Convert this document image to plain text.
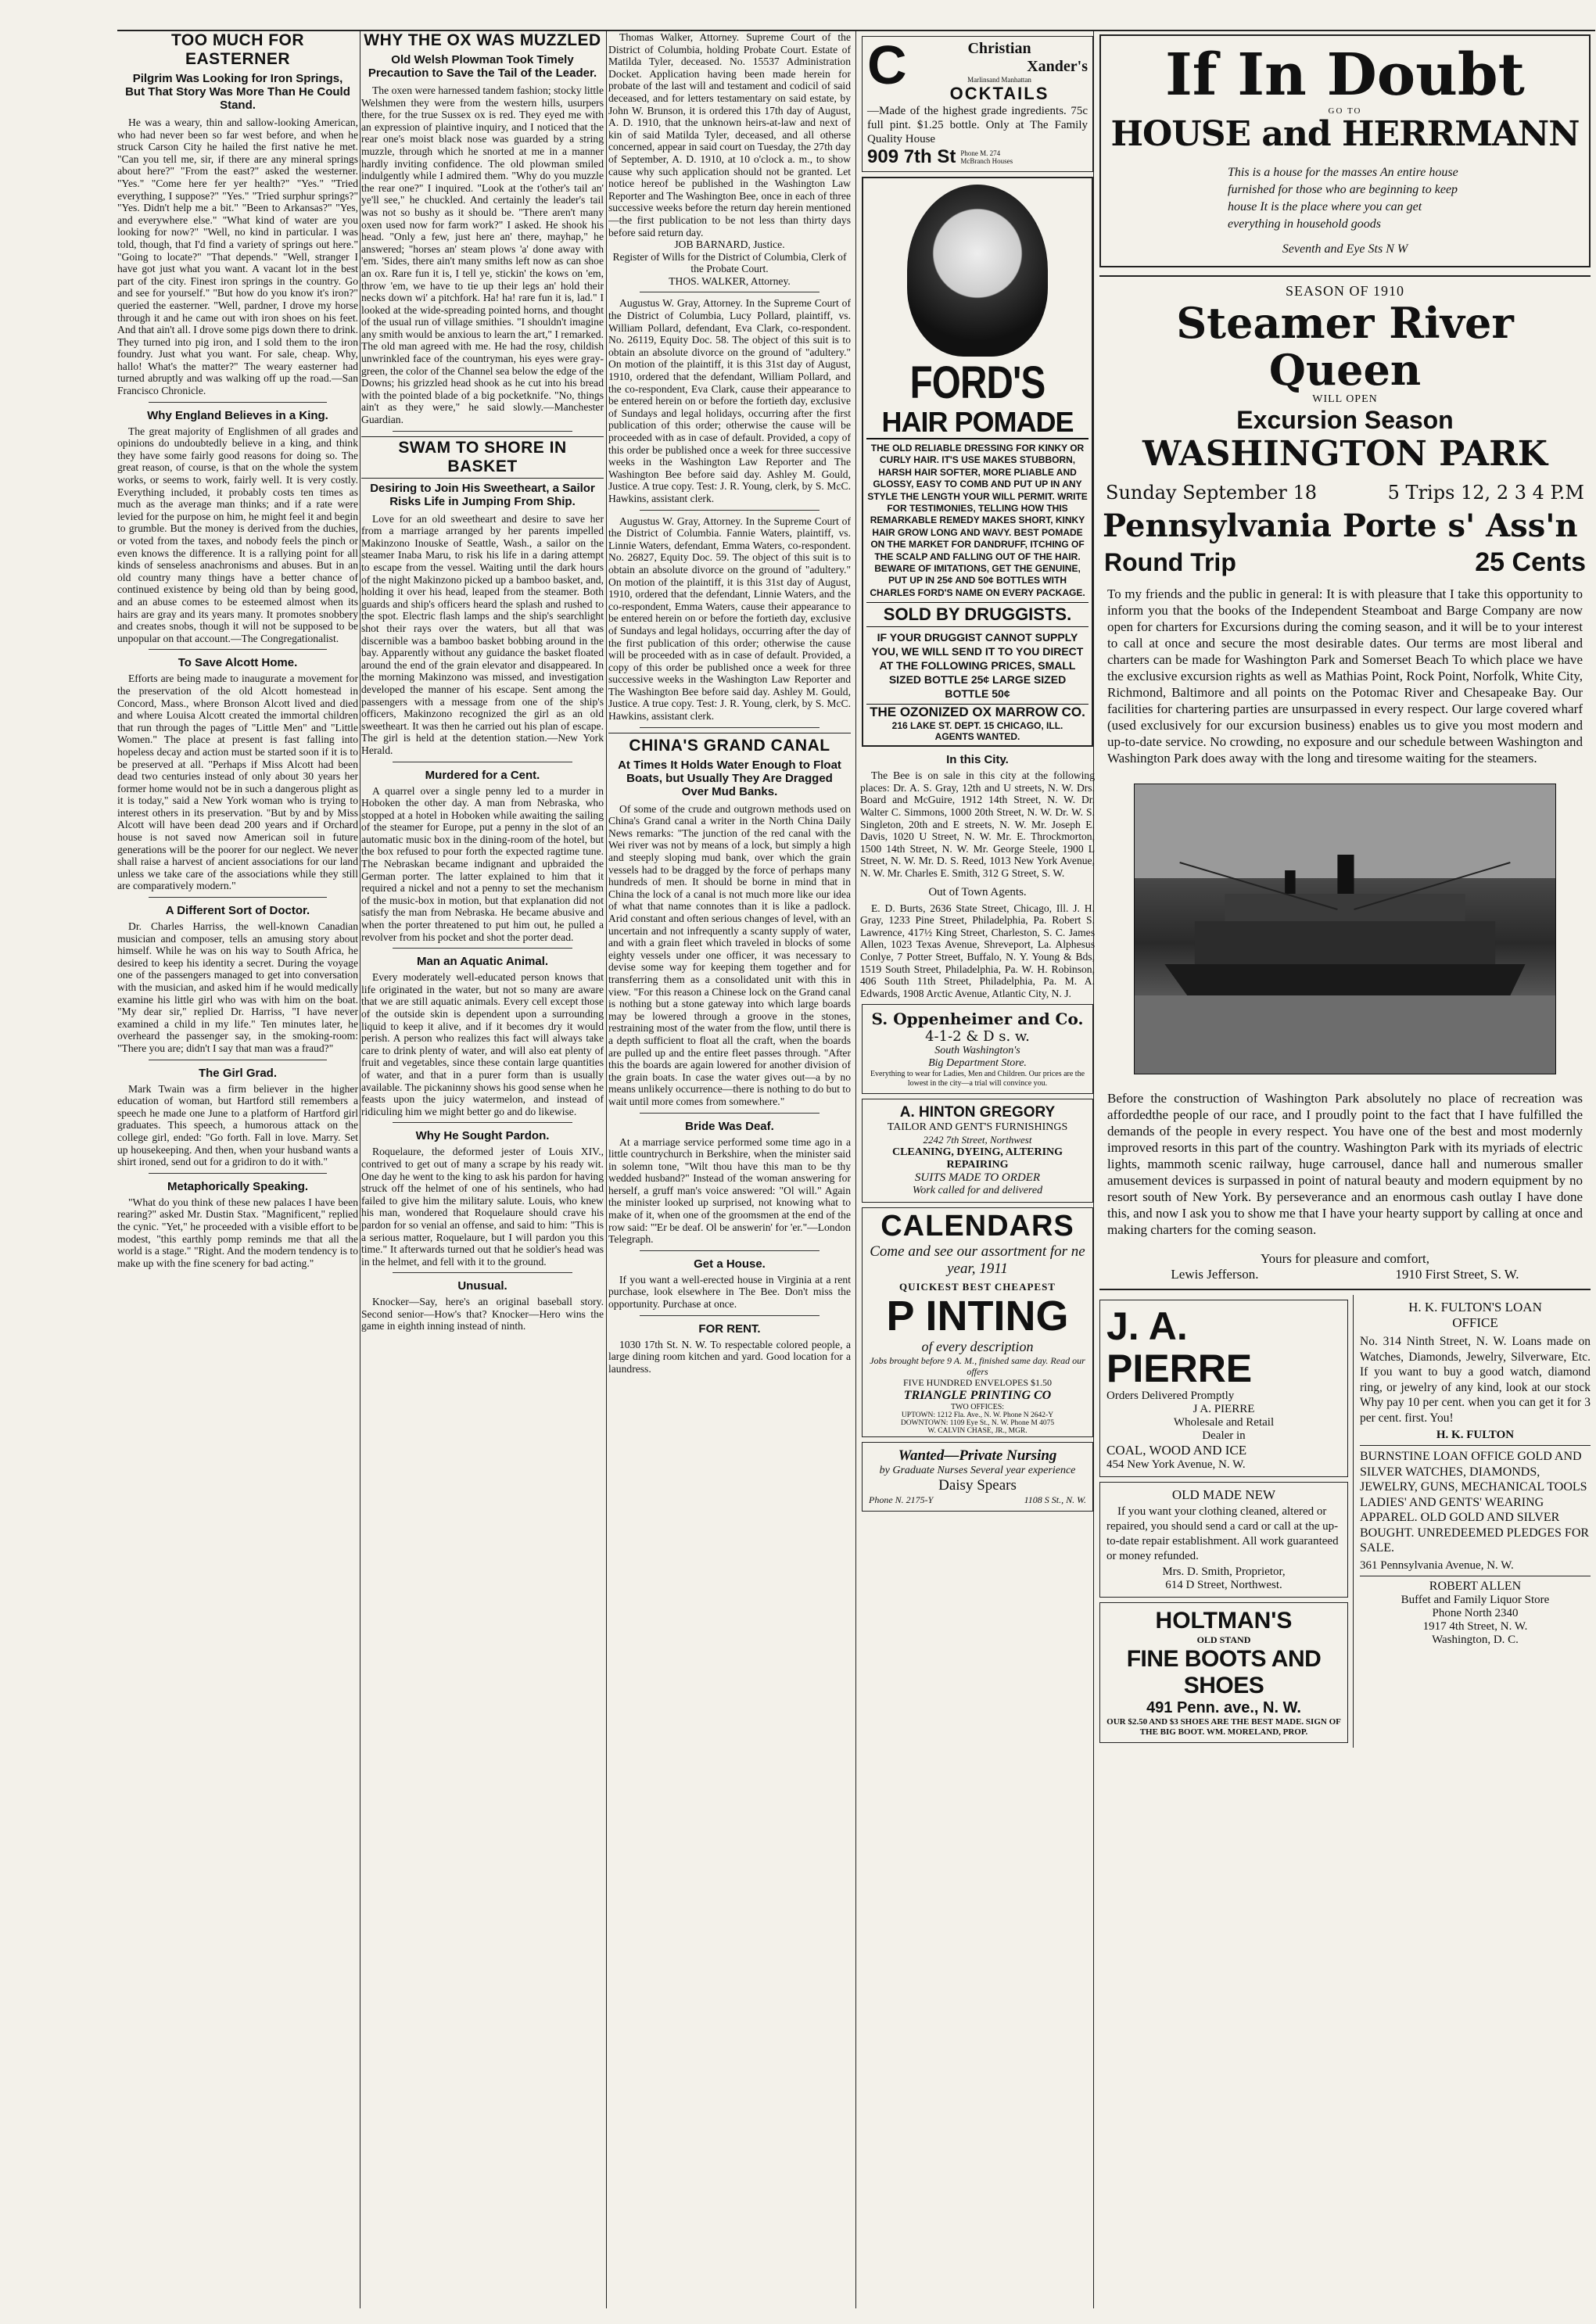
TOO MUCH FOR EASTERNER
Pilgrim Was Looking for Iron Springs, But That Story Was More Than He Could Stand.

He was a weary, thin and sallow-looking American, who had never been so far west before, and when he struck Carson City he hailed the first native he met. "Can you tell me, sir, if there are any mineral springs about here?" "From the east?" asked the westerner. "Yes." "Come here fer yer health?" "Yes." "Tried everything, I suppose?" "Yes." "Tried surphur springs?" "Yes. Didn't help me a bit." "Been to Arkansas?" "Yes, and everywhere else." "What kind of water are you looking for now?" "Well, no kind in particular. I was told, though, that I'd find a variety of springs out here." "Going to locate?" "That depends." "Well, stranger I have got just what you want. A vacant lot in the best part of the city. Finest iron springs in the country. Go and see for yourself." "But how do you know it's iron?" queried the easterner. "Well, pardner, I drove my horse through it and he came out with iron shoes on his feet. And that ain't all. I drove some pigs down there to drink. They turned into pig iron, and I sold them to the iron foundry. Just what you want. For sale, cheap. Why, hallo! What's the matter?" The weary easterner had turned abruptly and was walking off up the road.—San Francisco Chronicle.

Why England Believes in a King.

The great majority of Englishmen of all grades and opinions do undoubtedly believe in a king, and think they have some fairly good reasons for doing so. The great reason, of course, is that on the whole the system works, or seems to work, fairly well. It is very costly. Everything included, it probably costs ten times as much as the average man thinks; and if a rate were levied for the purpose on him, he might feel it and begin to grumble. But the money is derived from the duchies, or voted from the taxes, and nobody feels the pinch or even knows the difference. It is a rallying point for all kinds of senseless anachronisms and abuses. But in an old country many things have a better chance of continued existence by being old than by being good, and an abuse comes to be esteemed almost when its hairs are gray and its years many. It promotes snobbery and creates snobs, though it will not be supposed to be unpopular on that account.—The Congregationalist.

To Save Alcott Home.

Efforts are being made to inaugurate a movement for the preservation of the old Alcott homestead in Concord, Mass., where Bronson Alcott lived and died and where Louisa Alcott created the immortal children that run through the pages of "Little Men" and "Little Women." The place at present is fast falling into hopeless decay and action must be started soon if it is to be preserved at all. "Perhaps if Miss Alcott had been dead two centuries instead of only about 30 years her former home would not be in such a dangerous plight as it is today," said a New York woman who is trying to interest others in its preservation. "But by and by Miss Alcott will have been dead 200 years and if Orchard house is not saved now American soil in future generations will be the poorer for our neglect. We never shall raise a harvest of ancient associations for our land unless we take care of the associations while they still are comparatively modern."

A Different Sort of Doctor.

Dr. Charles Harriss, the well-known Canadian musician and composer, tells an amusing story about himself. While he was on his way to South Africa, he desired to keep his identity a secret. During the voyage one of the passengers managed to get into conversation with the musician, and asked him if he would medically examine his little girl who was with him on the boat. "My dear sir," replied Dr. Harriss, "I have never examined a child in my life." Ten minutes later, he overheard the passenger say, in the smoking-room: "There you are; didn't I say that man was a fraud?"

The Girl Grad.

Mark Twain was a firm believer in the higher education of woman, but Hartford still remembers a speech he made one June to a platform of Hartford girl graduates. This speech, a humorous attack on the college girl, ended: "Go forth. Fall in love. Marry. Set up housekeeping. And then, when your husband wants a shirt ironed, send out for a gridiron to do it with."

Metaphorically Speaking.

"What do you think of these new palaces I have been rearing?" asked Mr. Dustin Stax. "Magnificent," replied the cynic. "Yet," he proceeded with a visible effort to be modest, "this earthly pomp reminds me that all the world is a stage." "Right. And the modern tendency is to make up with the fine scenery for bad acting."

WHY THE OX WAS MUZZLED
Old Welsh Plowman Took Timely Precaution to Save the Tail of the Leader.

The oxen were harnessed tandem fashion; stocky little Welshmen they were from the western hills, usurpers there, for the true Sussex ox is red. They eyed me with an expression of plaintive inquiry, and I noticed that the rear one's moist black nose was guarded by a string muzzle, through which he snorted at me in a manner hardly inviting confidence. The old plowman smiled indulgently while I admired them. "Why do you muzzle the rear one?" I inquired. "Look at the t'other's tail an' ye'll see," he chuckled. And certainly the leader's tail was not so bushy as it should be. "There aren't many oxen used now for farm work?" I asked. He shook his head. "Only a few, just here an' there, mayhap," he answered; "horses an' steam plows 'a' done away with 'em. 'Sides, there ain't many smiths left now as can shoe an ox. Rare fun it is, I tell ye, stickin' the kows on 'em, throw 'em, we have to tie up their legs an' hold their necks down wi' a pitchfork. Ha! ha! rare fun it is, lad." I looked at the wide-spreading pointed horns, and thought of the usual run of village smithies. "I shouldn't imagine any smith would be anxious to learn the art," I remarked. The old man agreed with me. He had the rosy, childish unwrinkled face of the countryman, his eyes were gray-green, the color of the Channel sea below the edge of the Downs; his grizzled head shook as he cut into his bread with the pointed blade of a big pocketknife. "No, things ain't as they were," he said slowly.—Manchester Guardian.

SWAM TO SHORE IN BASKET
Desiring to Join His Sweetheart, a Sailor Risks Life in Jumping From Ship.

Love for an old sweetheart and desire to save her from a marriage arranged by her parents impelled Makinzono Inouske of Seattle, Wash., a sailor on the steamer Inaba Maru, to risk his life in a daring attempt to escape from the vessel. Waiting until the dark hours of the night Makinzono picked up a bamboo basket, and, holding it over his head, leaped from the steamer. Both guards and ship's officers heard the splash and rushed to the spot. Electric flash lamps and the ship's searchlight shot their rays over the waters, but all that was discernible was a bamboo basket bobbing around in the bay. Apparently without any guidance the basket floated around the end of the grain elevator and disappeared. In the morning Makinzono was missed, and investigation developed the manner of his escape. Sent among the passengers with a message from one of the ship's officers, Makinzono recognized the girl as an old sweetheart. It was then he carried out his plan of escape. The girl is held at the detention station.—New York Herald.

Murdered for a Cent.

A quarrel over a single penny led to a murder in Hoboken the other day. A man from Nebraska, who stopped at a hotel in Hoboken while awaiting the sailing of the steamer for Europe, put a penny in the slot of an automatic music box in the dining-room of the hotel, but the box refused to pour forth the expected ragtime tune. The Nebraskan became indignant and upbraided the German porter. The latter explained to him that it required a nickel and not a penny to set the mechanism of the music-box in motion, but that explanation did not satisfy the man from Nebraska. He became abusive and when the porter threatened to put him out, he pulled a revolver from his pocket and shot the porter dead.

Man an Aquatic Animal.

Every moderately well-educated person knows that life originated in the water, but not so many are aware that we are still aquatic animals. Every cell except those of the outside skin is dependent upon a surrounding liquid to keep it alive, and if it becomes dry it would perish. A person who realizes this fact will always take care to drink plenty of water, and will also eat plenty of fruit and vegetables, since these contain large quantities of water, and that in a purer form than is usually available. The pickaninny shows his good sense when he feasts upon the juicy watermelon, and instead of ridiculing him we might better go and do likewise.

Why He Sought Pardon.

Roquelaure, the deformed jester of Louis XIV., contrived to get out of many a scrape by his ready wit. One day he went to the king to ask his pardon for having struck off the helmet of one of his sentinels, who had failed to give him the military salute. Louis, who knew his man, wondered that Roquelaure should crave his pardon for so venial an offense, and said to him: "This is a serious matter, Roquelaure, but I will pardon you this time." It afterwards turned out that he soldier's head was in the helmet, and fell with it to the ground.

Unusual.

Knocker—Say, here's an original baseball story. Second senior—How's that? Knocker—Hero wins the game in eighth inning instead of ninth.

Thomas Walker, Attorney. Supreme Court of the District of Columbia, holding Probate Court. Estate of Matilda Tyler, deceased. No. 15537 Administration Docket. Application having been made herein for probate of the last will and testament and codicil of said deceased, and for letters testamentary on said estate, by John W. Brunson, it is ordered this 17th day of August, A. D. 1910, that the unknown heirs-at-law and next of kin of said Matilda Tyler, deceased, and all otherse concerned, appear in said court on Tuesday, the 27th day of September, A. D. 1910, at 10 o'clock a. m., to show cause why such application should not be granted. Let notice hereof be published in the Washington Law Reporter and The Washington Bee, once in each of three successive weeks before the return day herein mentioned—the first publication to be not less than thirty days before said return day.

JOB BARNARD, Justice.

Register of Wills for the District of Columbia, Clerk of the Probate Court.

THOS. WALKER, Attorney.

Augustus W. Gray, Attorney. In the Supreme Court of the District of Columbia, Lucy Pollard, plaintiff, vs. William Pollard, defendant, Eva Clark, co-respondent. No. 26119, Equity Doc. 58. The object of this suit is to obtain an absolute divorce on the ground of "adultery." On motion of the plaintiff, it is this 31st day of August, 1910, ordered that the defendant, William Pollard, and the co-respondent, Eva Clark, cause their appearance to be entered herein on or before the fortieth day, exclusive of Sundays and legal holidays, occurring after the first publication of this order; otherwise the cause will be proceeded with as in case of default. Provided, a copy of this order be published once a week for three successive weeks in the Washington Law Reporter and The Washington Bee before said day. Ashley M. Gould, Justice. A true copy. Test: J. R. Young, clerk, by S. McC. Hawkins, assistant clerk.

Augustus W. Gray, Attorney. In the Supreme Court of the District of Columbia. Fannie Waters, plaintiff, vs. Linnie Waters, defendant, Emma Waters, co-respondent. No. 26827, Equity Doc. 59. The object of this suit is to obtain an absolute divorce on the ground of "adultery." On motion of the plaintiff, it is this 31st day of August, 1910, ordered that the defendant, Linnie Waters, and the co-respondent, Emma Waters, cause their appearance to be entered herein on or before the fortieth day, exclusive of Sundays and legal holidays, occurring after the day of the first publication of this order; otherwise the cause will be proceeded with as in case of default. Provided, a copy of this order be published once a week for three successive weeks in the Washington Law Reporter and The Washington Bee before said day. Ashley M. Gould, Justice. A true copy. Test: J. R. Young, clerk, by S. McC. Hawkins, assistant clerk.

CHINA'S GRAND CANAL
At Times It Holds Water Enough to Float Boats, but Usually They Are Dragged Over Mud Banks.

Of some of the crude and outgrown methods used on China's Grand canal a writer in the North China Daily News remarks: "The junction of the red canal with the Wei river was not by means of a lock, but simply a high and steeply sloping mud bank, over which the grain vessels had to be dragged by the force of perhaps many hundreds of men. It should be borne in mind that in China the lock of a canal is not much more like our idea of what that name connotes than it is like a padlock. Arid constant and often serious changes of level, with an uncertain and not infrequently a scanty supply of water, and with a grain fleet which traveled in blocks of some eighty vessels under one officer, it was necessary to devise some way for keeping them together and for transferring them as a consolidated unit with this in view. "For this reason a Chinese lock on the Grand canal is nothing but a stone gateway into which large boards may be lowered through a groove in the stones, restraining most of the water from the flow, until there is a depth sufficient to float all the craft, when the boards are pulled up and the entire fleet passes through. "After this the boards are again lowered for another division of the grain boats. In case the water gives out—a by no means unlikely occurrence—there is nothing to do but to wait until more comes from somewhere."

Bride Was Deaf.

At a marriage service performed some time ago in a little countrychurch in Berkshire, when the minister said in solemn tone, "Wilt thou have this man to be thy wedded husband?" Instead of the woman answering for herself, a gruff man's voice answered: "Ol will." Again the minister looked up surprised, not knowing what to make of it, when one of the groomsmen at the end of the row said: "'Er be deaf. Ol be answerin' for 'er."—London Telegraph.

Get a House.

If you want a well-erected house in Virginia at a rent purchase, look elsewhere in The Bee. Don't miss the opportunity. Purchase at once.

FOR RENT.

1030 17th St. N. W. To respectable colored people, a large dining room kitchen and yard. Good location for a laundress.

C	Christian
Xander's
Marlinsand Manhattan
OCKTAILS

—Made of the highest grade ingredients. 75c full pint. $1.25 bottle. Only at The Family Quality House

909 7th St Phone M. 274 McBranch Houses
FORD'S
HAIR POMADE

THE OLD RELIABLE DRESSING FOR KINKY OR CURLY HAIR. IT'S USE MAKES STUBBORN, HARSH HAIR SOFTER, MORE PLIABLE AND GLOSSY, EASY TO COMB AND PUT UP IN ANY STYLE THE LENGTH YOUR WILL PERMIT. WRITE FOR TESTIMONIES, TELLING HOW THIS REMARKABLE REMEDY MAKES SHORT, KINKY HAIR GROW LONG AND WAVY. BEST POMADE ON THE MARKET FOR DANDRUFF, ITCHING OF THE SCALP AND FALLING OUT OF THE HAIR. BEWARE OF IMITATIONS, GET THE GENUINE, PUT UP IN 25¢ AND 50¢ BOTTLES WITH CHARLES FORD'S NAME ON EVERY PACKAGE.

SOLD BY DRUGGISTS.

IF YOUR DRUGGIST CANNOT SUPPLY YOU, WE WILL SEND IT TO YOU DIRECT AT THE FOLLOWING PRICES, SMALL SIZED BOTTLE 25¢ LARGE SIZED BOTTLE 50¢

THE OZONIZED OX MARROW CO.
216 LAKE ST. DEPT. 15 CHICAGO, ILL.
AGENTS WANTED.
In this City.

The Bee is on sale in this city at the following places: Dr. A. S. Gray, 12th and U streets, N. W. Drs. Board and McGuire, 1912 14th Street, N. W. Dr. Walter C. Simmons, 1000 20th Street, N. W. Dr. W. S. Singleton, 20th and E streets, N. W. Mr. Joseph E. Davis, 1020 U Street, N. W. Mr. E. Throckmorton, 1500 14th Street, N. W. Mr. George Steele, 1900 L Street, N. W. Mr. D. S. Reed, 1013 New York Avenue, N. W. Mr. Charles E. Smith, 312 G Street, S. W.

Out of Town Agents.

E. D. Burts, 2636 State Street, Chicago, Ill. J. H. Gray, 1233 Pine Street, Philadelphia, Pa. Robert S. Lawrence, 417½ King Street, Charleston, S. C. James Allen, 1023 Texas Avenue, Shreveport, La. Alphesus Conlye, 7 Potter Street, Buffalo, N. Y. Young & Bds, 1519 South Street, Philadelphia, Pa. W. H. Robinson, 406 South 11th Street, Philadelphia, Pa. M. A. Edwards, 1908 Arctic Avenue, Atlantic City, N. J.

S. Oppenheimer and Co.
4-1-2 & D s. w.
South Washington's
Big Department Store.
Everything to wear for Ladies, Men and Children. Our prices are the lowest in the city—a trial will convince you.
A. HINTON GREGORY
TAILOR AND GENT'S FURNISHINGS
2242 7th Street, Northwest
CLEANING, DYEING, ALTERING REPAIRING
SUITS MADE TO ORDER
Work called for and delivered
CALENDARS
Come and see our assortment for ne year, 1911
QUICKEST BEST CHEAPEST
P INTING
of every description
Jobs brought before 9 A. M., finished same day. Read our offers
FIVE HUNDRED ENVELOPES $1.50
TRIANGLE PRINTING CO
TWO OFFICES:
UPTOWN: 1212 Fla. Ave., N. W. Phone N 2642-Y
DOWNTOWN: 1109 Eye St., N. W. Phone M 4075
W. CALVIN CHASE, JR., MGR.
Wanted—Private Nursing
by Graduate Nurses Several year experience
Daisy Spears
Phone N. 2175-Y	1108 S St., N. W.
If In Doubt
GO TO
HOUSE and HERRMANN

This is a house for the masses An entire house furnished for those who are beginning to keep house It is the place where you can get everything in household goods

Seventh and Eye Sts N W
SEASON OF 1910
Steamer River Queen
WILL OPEN
Excursion Season
WASHINGTON PARK
Sunday September 18	5 Trips 12, 2 3 4 P.M
Pennsylvania Porte s' Ass'n
Round Trip	25 Cents

To my friends and the public in general: It is with pleasure that I take this opportunity to inform you that the books of the Independent Steamboat and Barge Company are now open for charters for Excursions during the coming season, and it will be to your interest to call at once and secure the most desirable dates. Our terms are most liberal and charters can be made for Washington Park and Somerset Beach To which place we have the exclusive excursion rights as well as Mathias Point, Rock Point, Norfolk, White City, Richmond, Baltimore and all points on the Potomac River and Chesapeake Bay. Our facilities for chartering parties are unsurpassed in every respect. Our large covered wharf (used exclusively for our excursion business) enables us to give you most modern and up-to-date service. No crowding, no exposure and our schedule between Washington and Washington Park does away with the long and tiresome waiting for the steamers.

Before the construction of Washington Park absolutely no place of recreation was affordedthe people of our race, and I proudly point to the fact that I have fulfilled the demands of the people in every respect. You have one of the best and most modernly improved resorts in this part of the country. Washington Park with its myriads of electric lights, mammoth scenic railway, huge carrousel, dance hall and numerous smaller amusement devices is surpassed in point of natural beauty and modern equipment by no resort south of New York. By perseverance and an enormous cash outlay I have done this, and now I ask you to show me that I have your hearty support by calling at once and making charters for the coming season.

Yours for pleasure and comfort,
Lewis Jefferson.	1910 First Street, S. W.
J. A. PIERRE
Orders Delivered Promptly
J A. PIERRE
Wholesale and Retail
Dealer in
COAL, WOOD AND ICE
454 New York Avenue, N. W.
OLD MADE NEW

If you want your clothing cleaned, altered or repaired, you should send a card or call at the up-to-date repair establishment. All work guaranteed or money refunded.

Mrs. D. Smith, Proprietor,
614 D Street, Northwest.
HOLTMAN'S
OLD STAND
FINE BOOTS AND SHOES
491 Penn. ave., N. W.
OUR $2.50 AND $3 SHOES ARE THE BEST MADE. SIGN OF THE BIG BOOT. WM. MORELAND, PROP.
H. K. FULTON'S LOAN
OFFICE

No. 314 Ninth Street, N. W. Loans made on Watches, Diamonds, Jewelry, Silverware, Etc. If you want to buy a good watch, diamond ring, or jewelry of any kind, look at our stock Why pay 10 per cent. when you can get it for 3 per cent. first. You!

H. K. FULTON

BURNSTINE LOAN OFFICE GOLD AND SILVER WATCHES, DIAMONDS, JEWELRY, GUNS, MECHANICAL TOOLS LADIES' AND GENTS' WEARING APPAREL. OLD GOLD AND SILVER BOUGHT. UNREDEEMED PLEDGES FOR SALE.

361 Pennsylvania Avenue, N. W.
ROBERT ALLEN
Buffet and Family Liquor Store
Phone North 2340
1917 4th Street, N. W.
Washington, D. C.
